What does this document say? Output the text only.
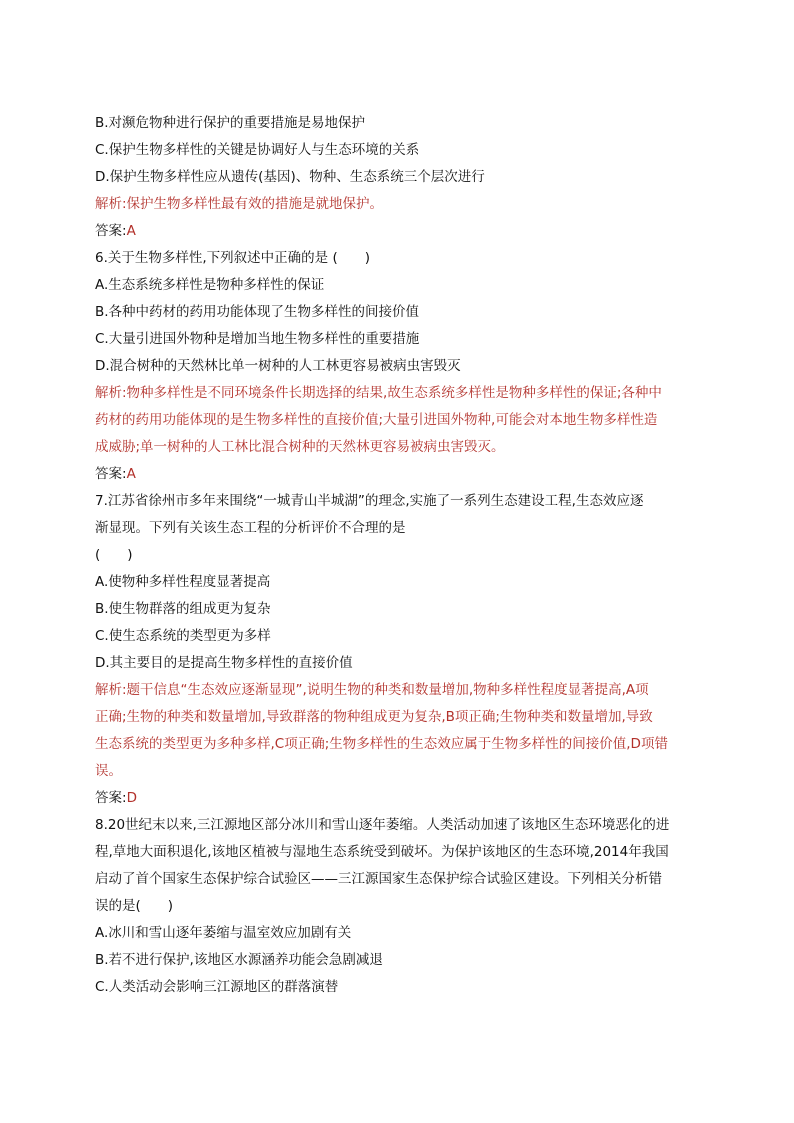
B.对濒危物种进行保护的重要措施是易地保护
C.保护生物多样性的关键是协调好人与生态环境的关系
D.保护生物多样性应从遗传(基因)、物种、生态系统三个层次进行
解析:保护生物多样性最有效的措施是就地保护。
答案:A
6.关于生物多样性,下列叙述中正确的是 (　　)
A.生态系统多样性是物种多样性的保证
B.各种中药材的药用功能体现了生物多样性的间接价值
C.大量引进国外物种是增加当地生物多样性的重要措施
D.混合树种的天然林比单一树种的人工林更容易被病虫害毁灭
解析:物种多样性是不同环境条件长期选择的结果,故生态系统多样性是物种多样性的保证;各种中
药材的药用功能体现的是生物多样性的直接价值;大量引进国外物种,可能会对本地生物多样性造
成威胁;单一树种的人工林比混合树种的天然林更容易被病虫害毁灭。
答案:A
7.江苏省徐州市多年来围绕“一城青山半城湖”的理念,实施了一系列生态建设工程,生态效应逐
渐显现。下列有关该生态工程的分析评价不合理的是
(　　)
A.使物种多样性程度显著提高
B.使生物群落的组成更为复杂
C.使生态系统的类型更为多样
D.其主要目的是提高生物多样性的直接价值
解析:题干信息“生态效应逐渐显现”,说明生物的种类和数量增加,物种多样性程度显著提高,A项
正确;生物的种类和数量增加,导致群落的物种组成更为复杂,B项正确;生物种类和数量增加,导致
生态系统的类型更为多种多样,C项正确;生物多样性的生态效应属于生物多样性的间接价值,D项错
误。
答案:D
8.20世纪末以来,三江源地区部分冰川和雪山逐年萎缩。人类活动加速了该地区生态环境恶化的进
程,草地大面积退化,该地区植被与湿地生态系统受到破坏。为保护该地区的生态环境,2014年我国
启动了首个国家生态保护综合试验区——三江源国家生态保护综合试验区建设。下列相关分析错
误的是(　　)
A.冰川和雪山逐年萎缩与温室效应加剧有关
B.若不进行保护,该地区水源涵养功能会急剧减退
C.人类活动会影响三江源地区的群落演替
